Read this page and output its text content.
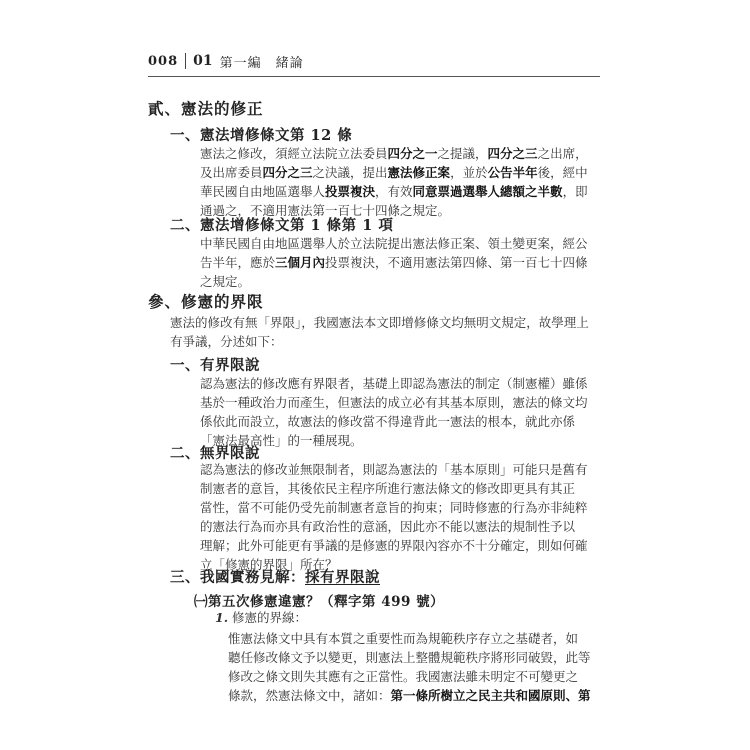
008 01 第一編　緒論
貳、憲法的修正
一、憲法增修條文第 12 條
憲法之修改，須經立法院立法委員四分之一之提議，四分之三之出席，
及出席委員四分之三之決議，提出憲法修正案，並於公告半年後，經中
華民國自由地區選舉人投票複決，有效同意票過選舉人總額之半數，即
通過之，不適用憲法第一百七十四條之規定。
二、憲法增修條文第 1 條第 1 項
中華民國自由地區選舉人於立法院提出憲法修正案、領土變更案，經公
告半年，應於三個月內投票複決，不適用憲法第四條、第一百七十四條
之規定。
參、修憲的界限
憲法的修改有無「界限」，我國憲法本文即增修條文均無明文規定，故學理上
有爭議，分述如下：
一、有界限說
認為憲法的修改應有界限者，基礎上即認為憲法的制定（制憲權）雖係
基於一種政治力而產生，但憲法的成立必有其基本原則，憲法的條文均
係依此而設立，故憲法的修改當不得違背此一憲法的根本，就此亦係
「憲法最高性」的一種展現。
二、無界限說
認為憲法的修改並無限制者，則認為憲法的「基本原則」可能只是舊有
制憲者的意旨，其後依民主程序所進行憲法條文的修改即更具有其正
當性，當不可能仍受先前制憲者意旨的拘束；同時修憲的行為亦非純粹
的憲法行為而亦具有政治性的意涵，因此亦不能以憲法的規制性予以
理解；此外可能更有爭議的是修憲的界限內容亦不十分確定，則如何確
立「修憲的界限」所在？
三、我國實務見解：採有界限說
㈠第五次修憲違憲？（釋字第 499 號）
1. 修憲的界線：
惟憲法條文中具有本質之重要性而為規範秩序存立之基礎者，如
聽任修改條文予以變更，則憲法上整體規範秩序將形同破毀，此等
修改之條文則失其應有之正當性。我國憲法雖未明定不可變更之
條款，然憲法條文中，諸如：第一條所樹立之民主共和國原則、第
